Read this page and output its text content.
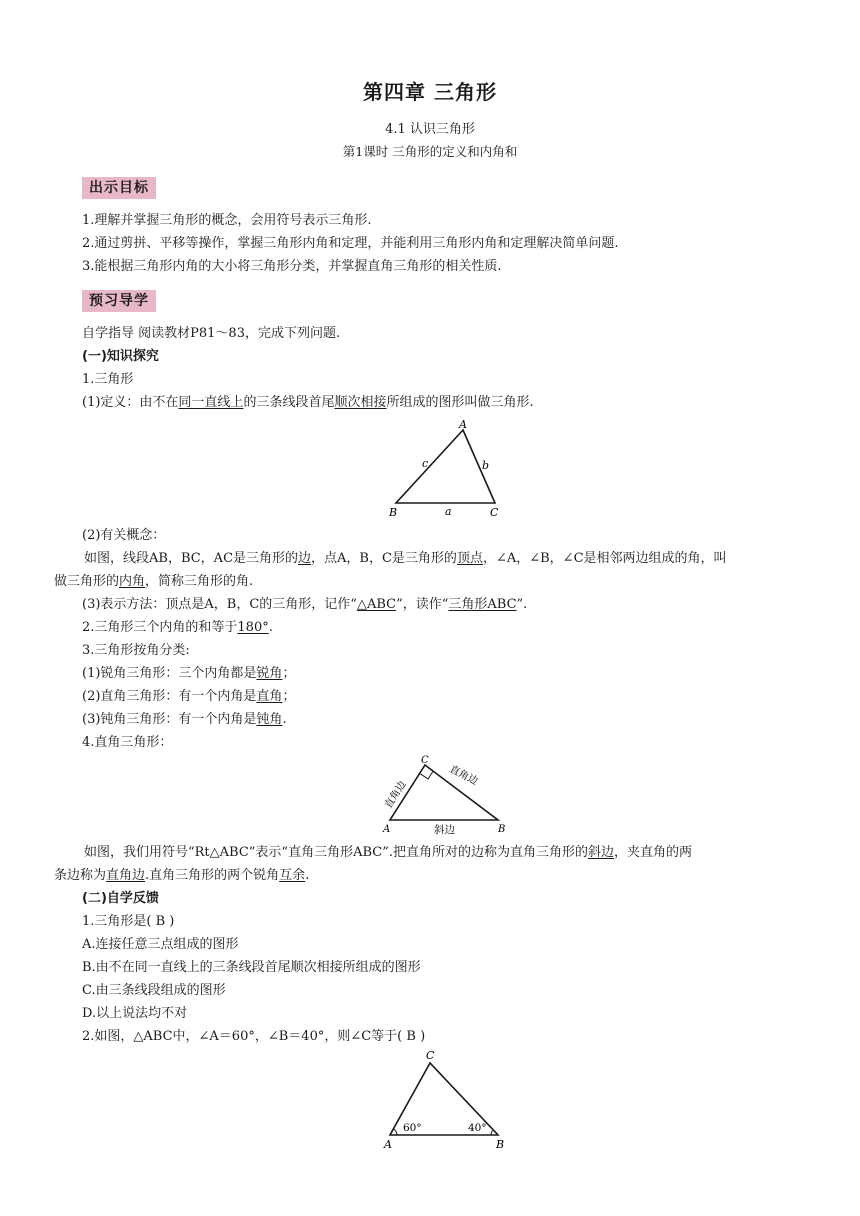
第四章 三角形
4.1 认识三角形
第1课时 三角形的定义和内角和
出示目标
1.理解并掌握三角形的概念，会用符号表示三角形.
2.通过剪拼、平移等操作，掌握三角形内角和定理，并能利用三角形内角和定理解决简单问题.
3.能根据三角形内角的大小将三角形分类，并掌握直角三角形的相关性质.
预习导学
自学指导 阅读教材P81～83，完成下列问题.
(一)知识探究
1.三角形
(1)定义：由不在同一直线上的三条线段首尾顺次相接所组成的图形叫做三角形.
A
B	C
a
b
c
(2)有关概念：
如图，线段AB，BC，AC是三角形的边，点A，B，C是三角形的顶点，∠A，∠B，∠C是相邻两边组成的角，叫
做三角形的内角，简称三角形的角.
(3)表示方法：顶点是A，B，C的三角形，记作“△ABC”，读作“三角形ABC”.
2.三角形三个内角的和等于180°.
3.三角形按角分类:
(1)锐角三角形：三个内角都是锐角；
(2)直角三角形：有一个内角是直角；
(3)钝角三角形：有一个内角是钝角.
4.直角三角形：
C
A	B
斜边
直角边
直角边
如图，我们用符号“Rt△ABC”表示“直角三角形ABC”.把直角所对的边称为直角三角形的斜边，夹直角的两
条边称为直角边.直角三角形的两个锐角互余.
(二)自学反馈
1.三角形是( B )
A.连接任意三点组成的图形
B.由不在同一直线上的三条线段首尾顺次相接所组成的图形
C.由三条线段组成的图形
D.以上说法均不对
2.如图，△ABC中，∠A＝60°，∠B＝40°，则∠C等于( B )
C
A	B
60°	40°
